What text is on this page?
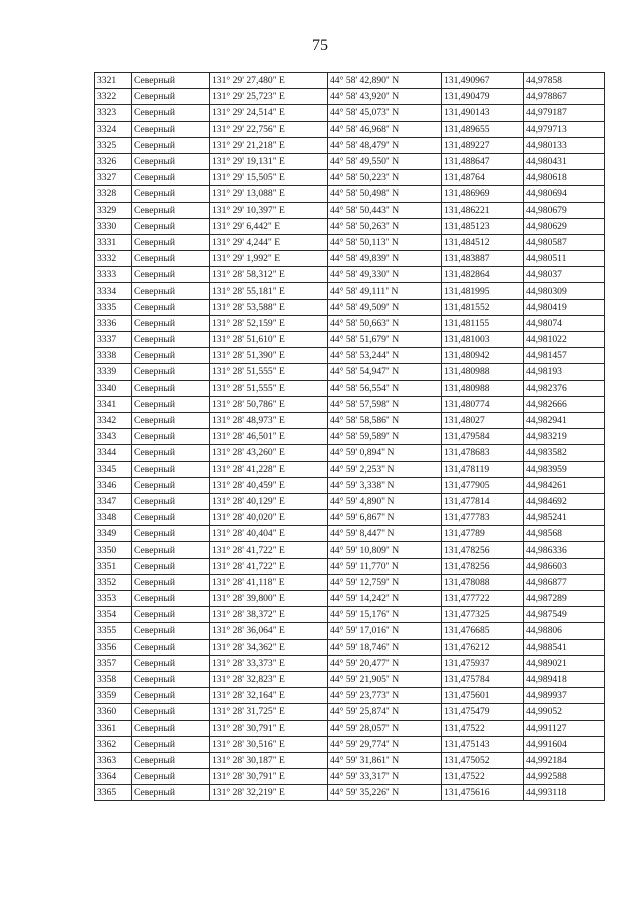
75
3321	Северный	131° 29' 27,480" E	44° 58' 42,890" N	131,490967	44,97858
3322	Северный	131° 29' 25,723" E	44° 58' 43,920" N	131,490479	44,978867
3323	Северный	131° 29' 24,514" E	44° 58' 45,073" N	131,490143	44,979187
3324	Северный	131° 29' 22,756" E	44° 58' 46,968" N	131,489655	44,979713
3325	Северный	131° 29' 21,218" E	44° 58' 48,479" N	131,489227	44,980133
3326	Северный	131° 29' 19,131" E	44° 58' 49,550" N	131,488647	44,980431
3327	Северный	131° 29' 15,505" E	44° 58' 50,223" N	131,48764	44,980618
3328	Северный	131° 29' 13,088" E	44° 58' 50,498" N	131,486969	44,980694
3329	Северный	131° 29' 10,397" E	44° 58' 50,443" N	131,486221	44,980679
3330	Северный	131° 29' 6,442" E	44° 58' 50,263" N	131,485123	44,980629
3331	Северный	131° 29' 4,244" E	44° 58' 50,113" N	131,484512	44,980587
3332	Северный	131° 29' 1,992" E	44° 58' 49,839" N	131,483887	44,980511
3333	Северный	131° 28' 58,312" E	44° 58' 49,330" N	131,482864	44,98037
3334	Северный	131° 28' 55,181" E	44° 58' 49,111" N	131,481995	44,980309
3335	Северный	131° 28' 53,588" E	44° 58' 49,509" N	131,481552	44,980419
3336	Северный	131° 28' 52,159" E	44° 58' 50,663" N	131,481155	44,98074
3337	Северный	131° 28' 51,610" E	44° 58' 51,679" N	131,481003	44,981022
3338	Северный	131° 28' 51,390" E	44° 58' 53,244" N	131,480942	44,981457
3339	Северный	131° 28' 51,555" E	44° 58' 54,947" N	131,480988	44,98193
3340	Северный	131° 28' 51,555" E	44° 58' 56,554" N	131,480988	44,982376
3341	Северный	131° 28' 50,786" E	44° 58' 57,598" N	131,480774	44,982666
3342	Северный	131° 28' 48,973" E	44° 58' 58,586" N	131,48027	44,982941
3343	Северный	131° 28' 46,501" E	44° 58' 59,589" N	131,479584	44,983219
3344	Северный	131° 28' 43,260" E	44° 59' 0,894" N	131,478683	44,983582
3345	Северный	131° 28' 41,228" E	44° 59' 2,253" N	131,478119	44,983959
3346	Северный	131° 28' 40,459" E	44° 59' 3,338" N	131,477905	44,984261
3347	Северный	131° 28' 40,129" E	44° 59' 4,890" N	131,477814	44,984692
3348	Северный	131° 28' 40,020" E	44° 59' 6,867" N	131,477783	44,985241
3349	Северный	131° 28' 40,404" E	44° 59' 8,447" N	131,47789	44,98568
3350	Северный	131° 28' 41,722" E	44° 59' 10,809" N	131,478256	44,986336
3351	Северный	131° 28' 41,722" E	44° 59' 11,770" N	131,478256	44,986603
3352	Северный	131° 28' 41,118" E	44° 59' 12,759" N	131,478088	44,986877
3353	Северный	131° 28' 39,800" E	44° 59' 14,242" N	131,477722	44,987289
3354	Северный	131° 28' 38,372" E	44° 59' 15,176" N	131,477325	44,987549
3355	Северный	131° 28' 36,064" E	44° 59' 17,016" N	131,476685	44,98806
3356	Северный	131° 28' 34,362" E	44° 59' 18,746" N	131,476212	44,988541
3357	Северный	131° 28' 33,373" E	44° 59' 20,477" N	131,475937	44,989021
3358	Северный	131° 28' 32,823" E	44° 59' 21,905" N	131,475784	44,989418
3359	Северный	131° 28' 32,164" E	44° 59' 23,773" N	131,475601	44,989937
3360	Северный	131° 28' 31,725" E	44° 59' 25,874" N	131,475479	44,99052
3361	Северный	131° 28' 30,791" E	44° 59' 28,057" N	131,47522	44,991127
3362	Северный	131° 28' 30,516" E	44° 59' 29,774" N	131,475143	44,991604
3363	Северный	131° 28' 30,187" E	44° 59' 31,861" N	131,475052	44,992184
3364	Северный	131° 28' 30,791" E	44° 59' 33,317" N	131,47522	44,992588
3365	Северный	131° 28' 32,219" E	44° 59' 35,226" N	131,475616	44,993118
